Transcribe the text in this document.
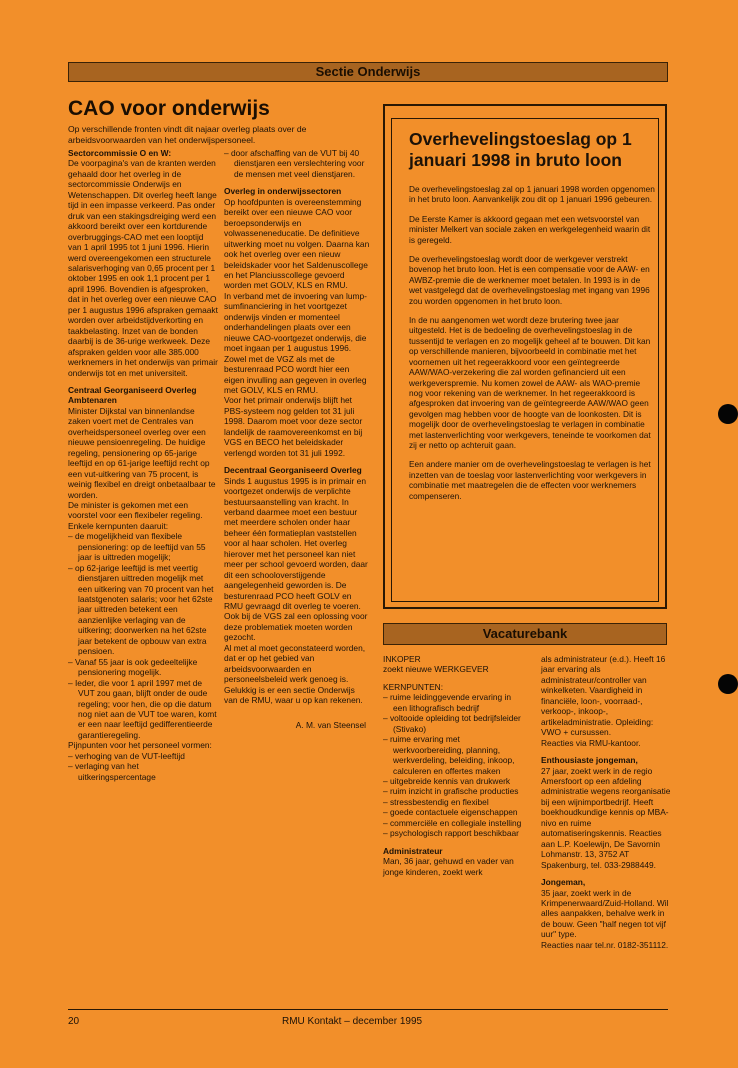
Sectie Onderwijs
CAO voor onderwijs

Op verschillende fronten vindt dit najaar overleg plaats over de arbeidsvoorwaarden van het onderwijspersoneel.

Sectorcommissie O en W:

De voorpagina's van de kranten werden gehaald door het overleg in de sectorcommissie Onderwijs en Wetenschappen. Dit overleg heeft lange tijd in een impasse verkeerd. Pas onder druk van een stakingsdreiging werd een akkoord bereikt over een kortdurende overbruggings-CAO met een looptijd van 1 april 1995 tot 1 juni 1996. Hierin werd overeengekomen een structurele salarisverhoging van 0,65 procent per 1 oktober 1995 en ook 1,1 procent per 1 april 1996. Bovendien is afgesproken, dat in het overleg over een nieuwe CAO per 1 augustus 1996 afspraken gemaakt worden over arbeidstijdverkorting en taakbelasting. Inzet van de bonden daarbij is de 36-urige werkweek. Deze afspraken gelden voor alle 385.000 werknemers in het onderwijs van primair onderwijs tot en met universiteit.

Centraal Georganiseerd Overleg Ambtenaren

Minister Dijkstal van binnenlandse zaken voert met de Centrales van overheidspersoneel overleg over een nieuwe pensioenregeling. De huidige regeling, pensionering op 65-jarige leeftijd en op 61-jarige leeftijd recht op een vut-uitkering van 75 procent, is weinig flexibel en dreigt onbetaalbaar te worden.

De minister is gekomen met een voorstel voor een flexibeler regeling. Enkele kernpunten daaruit:

– de mogelijkheid van flexibele pensionering: op de leeftijd van 55 jaar is uittreden mogelijk;

– op 62-jarige leeftijd is met veertig dienstjaren uittreden mogelijk met een uitkering van 70 procent van het laatstgenoten salaris; voor het 62ste jaar uittreden betekent een aanzienlijke verlaging van de uitkering; doorwerken na het 62ste jaar betekent de opbouw van extra pensioen.

– Vanaf 55 jaar is ook gedeeltelijke pensionering mogelijk.

– Ieder, die voor 1 april 1997 met de VUT zou gaan, blijft onder de oude regeling; voor hen, die op die datum nog niet aan de VUT toe waren, komt er een naar leeftijd gedifferentieerde garantieregeling.

Pijnpunten voor het personeel vormen:

– verhoging van de VUT-leeftijd

– verlaging van het uitkeringspercentage

– door afschaffing van de VUT bij 40 dienstjaren een verslechtering voor de mensen met veel dienstjaren.

Overleg in onderwijssectoren

Op hoofdpunten is overeenstemming bereikt over een nieuwe CAO voor beroepsonderwijs en volwasseneneducatie. De definitieve uitwerking moet nu volgen. Daarna kan ook het overleg over een nieuw beleidskader voor het Saldenuscollege en het Planciusscollege gevoerd worden met GOLV, KLS en RMU.

In verband met de invoering van lump-sumfinanciering in het voortgezet onderwijs vinden er momenteel onderhandelingen plaats over een nieuwe CAO-voortgezet onderwijs, die moet ingaan per 1 augustus 1996. Zowel met de VGZ als met de besturenraad PCO wordt hier een eigen invulling aan gegeven in overleg met GOLV, KLS en RMU.

Voor het primair onderwijs blijft het PBS-systeem nog gelden tot 31 juli 1998. Daarom moet voor deze sector landelijk de raamovereenkomst en bij VGS en BECO het beleidskader verlengd worden tot 31 juli 1992.

Decentraal Georganiseerd Overleg

Sinds 1 augustus 1995 is in primair en voortgezet onderwijs de verplichte bestuursaanstelling van kracht. In verband daarmee moet een bestuur met meerdere scholen onder haar beheer één formatieplan vaststellen voor al haar scholen. Het overleg hierover met het personeel kan niet meer per school gevoerd worden, daar dit een schooloverstijgende aangelegenheid geworden is. De besturenraad PCO heeft GOLV en RMU gevraagd dit overleg te voeren. Ook bij de VGS zal een oplossing voor deze problematiek moeten worden gezocht.

Al met al moet geconstateerd worden, dat er op het gebied van arbeidsvoorwaarden en personeelsbeleid werk genoeg is. Gelukkig is er een sectie Onderwijs van de RMU, waar u op kan rekenen.

A. M. van Steensel

Overhevelingstoeslag op 1 januari 1998 in bruto loon

De overhevelingstoeslag zal op 1 januari 1998 worden opgenomen in het bruto loon. Aanvankelijk zou dit op 1 januari 1996 gebeuren.

De Eerste Kamer is akkoord gegaan met een wetsvoorstel van minister Melkert van sociale zaken en werkgelegenheid waarin dit is geregeld.

De overhevelingstoeslag wordt door de werkgever verstrekt bovenop het bruto loon. Het is een compensatie voor de AAW- en AWBZ-premie die de werknemer moet betalen. In 1993 is in de wet vastgelegd dat de overhevelingstoeslag met ingang van 1996 zou worden opgenomen in het bruto loon.

In de nu aangenomen wet wordt deze brutering twee jaar uitgesteld. Het is de bedoeling de overhevelingstoeslag in de tussentijd te verlagen en zo mogelijk geheel af te bouwen. Dit kan op verschillende manieren, bijvoorbeeld in combinatie met het voornemen uit het regeerakkoord voor een geïntegreerde AAW/WAO-verzekering die zal worden gefinancierd uit een werkgeverspremie. Nu komen zowel de AAW- als WAO-premie nog voor rekening van de werknemer. In het regeerakkoord is afgesproken dat invoering van de geïntegreerde AAW/WAO geen gevolgen mag hebben voor de hoogte van de loonkosten. Dit is mogelijk door de overhevelingstoeslag te verlagen in combinatie met lastenverlichting voor werkgevers, teneinde te voorkomen dat zij er netto op achteruit gaan.

Een andere manier om de overhevelingstoeslag te verlagen is het inzetten van de toeslag voor lastenverlichting voor werkgevers in combinatie met maatregelen die de effecten voor werknemers compenseren.

Vacaturebank

INKOPER

zoekt nieuwe WERKGEVER

KERNPUNTEN:

– ruime leidinggevende ervaring in een lithografisch bedrijf

– voltooide opleiding tot bedrijfsleider (Stivako)

– ruime ervaring met werkvoorbereiding, planning, werkverdeling, beleiding, inkoop, calculeren en offertes maken

– uitgebreide kennis van drukwerk

– ruim inzicht in grafische producties

– stressbestendig en flexibel

– goede contactuele eigenschappen

– commerciële en collegiale instelling

– psychologisch rapport beschikbaar

Administrateur

Man, 36 jaar, gehuwd en vader van jonge kinderen, zoekt werk

als administrateur (e.d.). Heeft 16 jaar ervaring als administrateur/controller van winkelketen. Vaardigheid in financiële, loon-, voorraad-, verkoop-, inkoop-, artikeladministratie. Opleiding: VWO + cursussen.

Reacties via RMU-kantoor.

Enthousiaste jongeman,

27 jaar, zoekt werk in de regio Amersfoort op een afdeling administratie wegens reorganisatie bij een wijnimportbedrijf. Heeft boekhoudkundige kennis op MBA-nivo en ruime automatiseringskennis. Reacties aan L.P. Koelewijn, De Savornin Lohmanstr. 13, 3752 AT Spakenburg, tel. 033-2988449.

Jongeman,

35 jaar, zoekt werk in de Krimpenerwaard/Zuid-Holland. Wil alles aanpakken, behalve werk in de bouw. Geen "half negen tot vijf uur" type.

Reacties naar tel.nr. 0182-351112.

20	RMU Kontakt – december 1995
